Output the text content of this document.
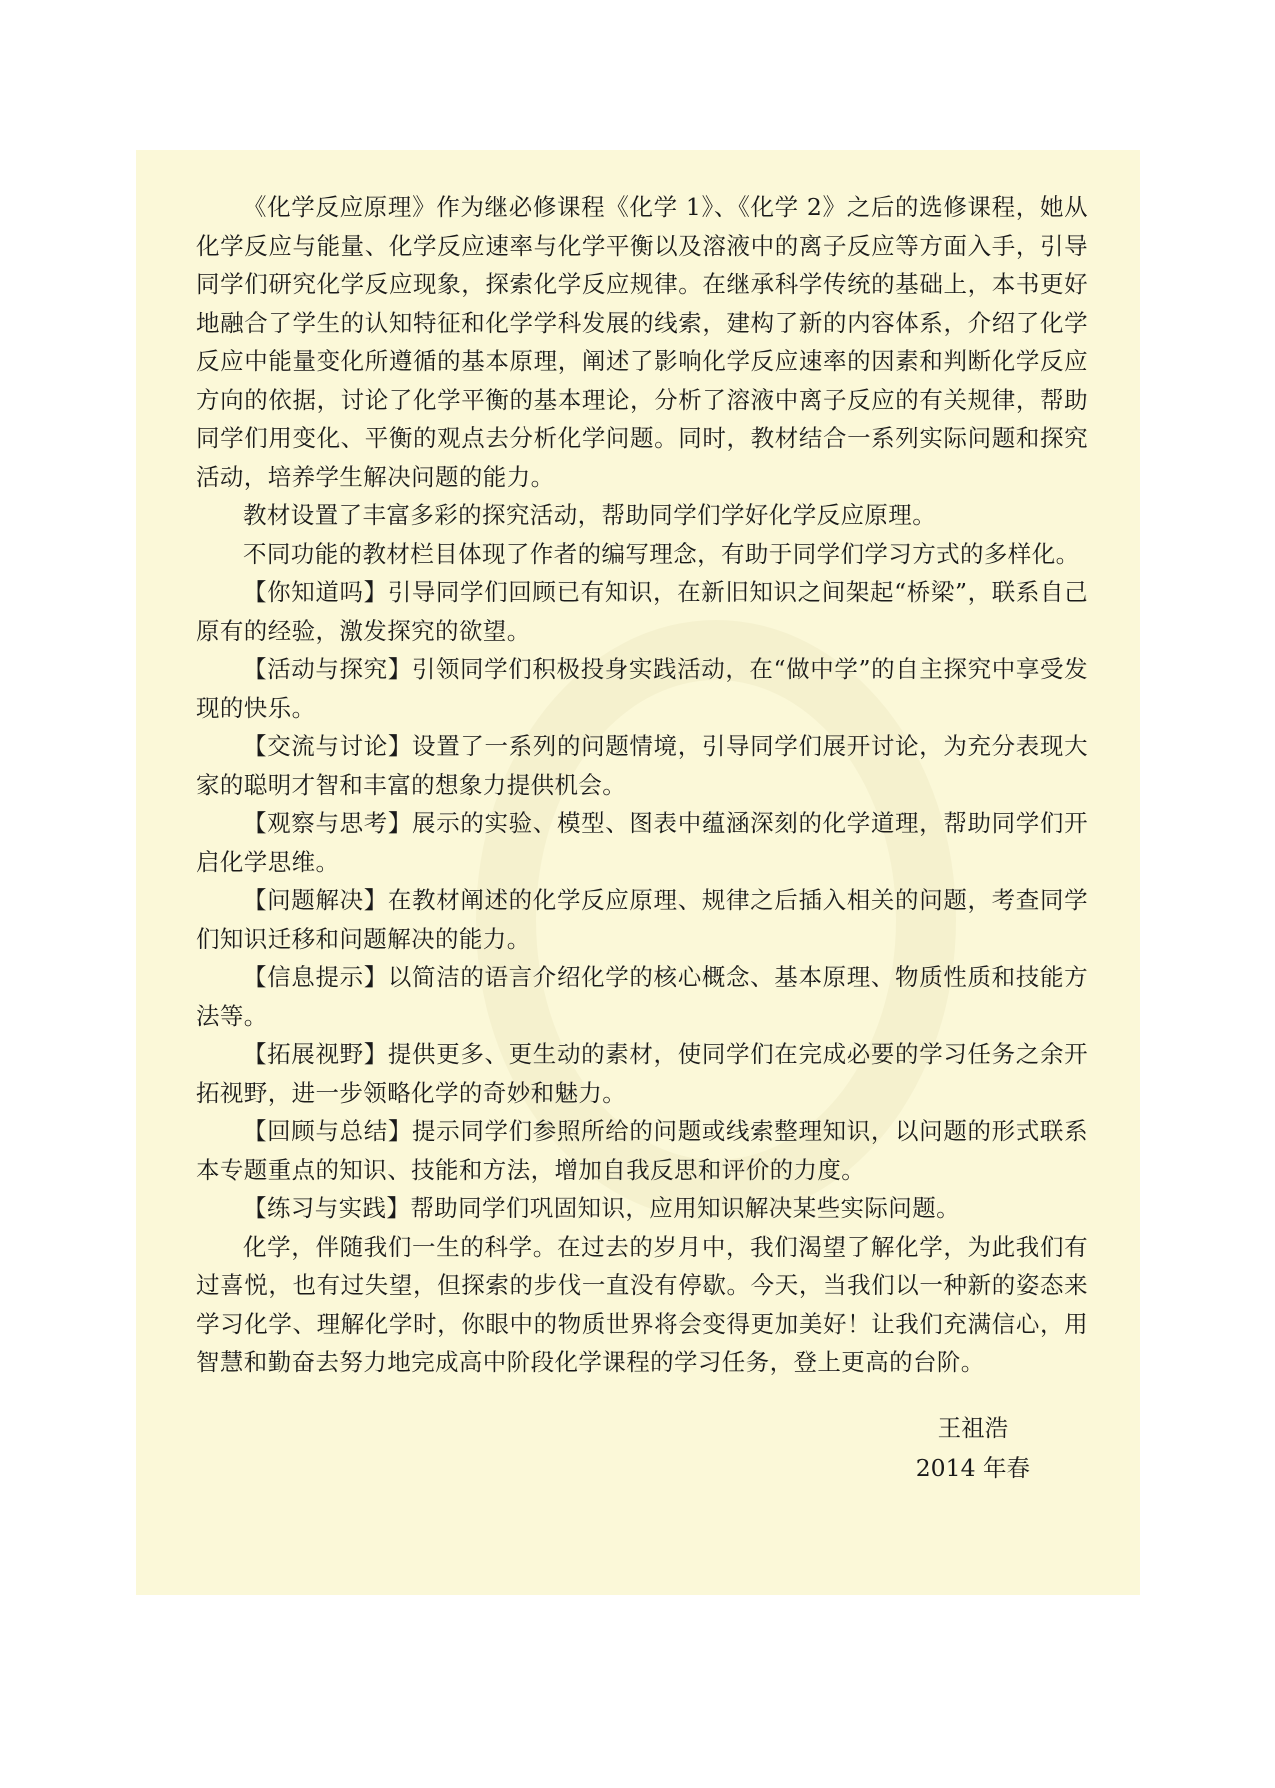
《化学反应原理》作为继必修课程《化学 1》、《化学 2》之后的选修课程，她从化学反应与能量、化学反应速率与化学平衡以及溶液中的离子反应等方面入手，引导同学们研究化学反应现象，探索化学反应规律。在继承科学传统的基础上，本书更好地融合了学生的认知特征和化学学科发展的线索，建构了新的内容体系，介绍了化学反应中能量变化所遵循的基本原理，阐述了影响化学反应速率的因素和判断化学反应方向的依据，讨论了化学平衡的基本理论，分析了溶液中离子反应的有关规律，帮助同学们用变化、平衡的观点去分析化学问题。同时，教材结合一系列实际问题和探究活动，培养学生解决问题的能力。

教材设置了丰富多彩的探究活动，帮助同学们学好化学反应原理。

不同功能的教材栏目体现了作者的编写理念，有助于同学们学习方式的多样化。

【你知道吗】引导同学们回顾已有知识，在新旧知识之间架起“桥梁”，联系自己原有的经验，激发探究的欲望。

【活动与探究】引领同学们积极投身实践活动，在“做中学”的自主探究中享受发现的快乐。

【交流与讨论】设置了一系列的问题情境，引导同学们展开讨论，为充分表现大家的聪明才智和丰富的想象力提供机会。

【观察与思考】展示的实验、模型、图表中蕴涵深刻的化学道理，帮助同学们开启化学思维。

【问题解决】在教材阐述的化学反应原理、规律之后插入相关的问题，考查同学们知识迁移和问题解决的能力。

【信息提示】以简洁的语言介绍化学的核心概念、基本原理、物质性质和技能方法等。

【拓展视野】提供更多、更生动的素材，使同学们在完成必要的学习任务之余开拓视野，进一步领略化学的奇妙和魅力。

【回顾与总结】提示同学们参照所给的问题或线索整理知识，以问题的形式联系本专题重点的知识、技能和方法，增加自我反思和评价的力度。

【练习与实践】帮助同学们巩固知识，应用知识解决某些实际问题。

化学，伴随我们一生的科学。在过去的岁月中，我们渴望了解化学，为此我们有过喜悦，也有过失望，但探索的步伐一直没有停歇。今天，当我们以一种新的姿态来学习化学、理解化学时，你眼中的物质世界将会变得更加美好！让我们充满信心，用智慧和勤奋去努力地完成高中阶段化学课程的学习任务，登上更高的台阶。

王祖浩
2014 年春
